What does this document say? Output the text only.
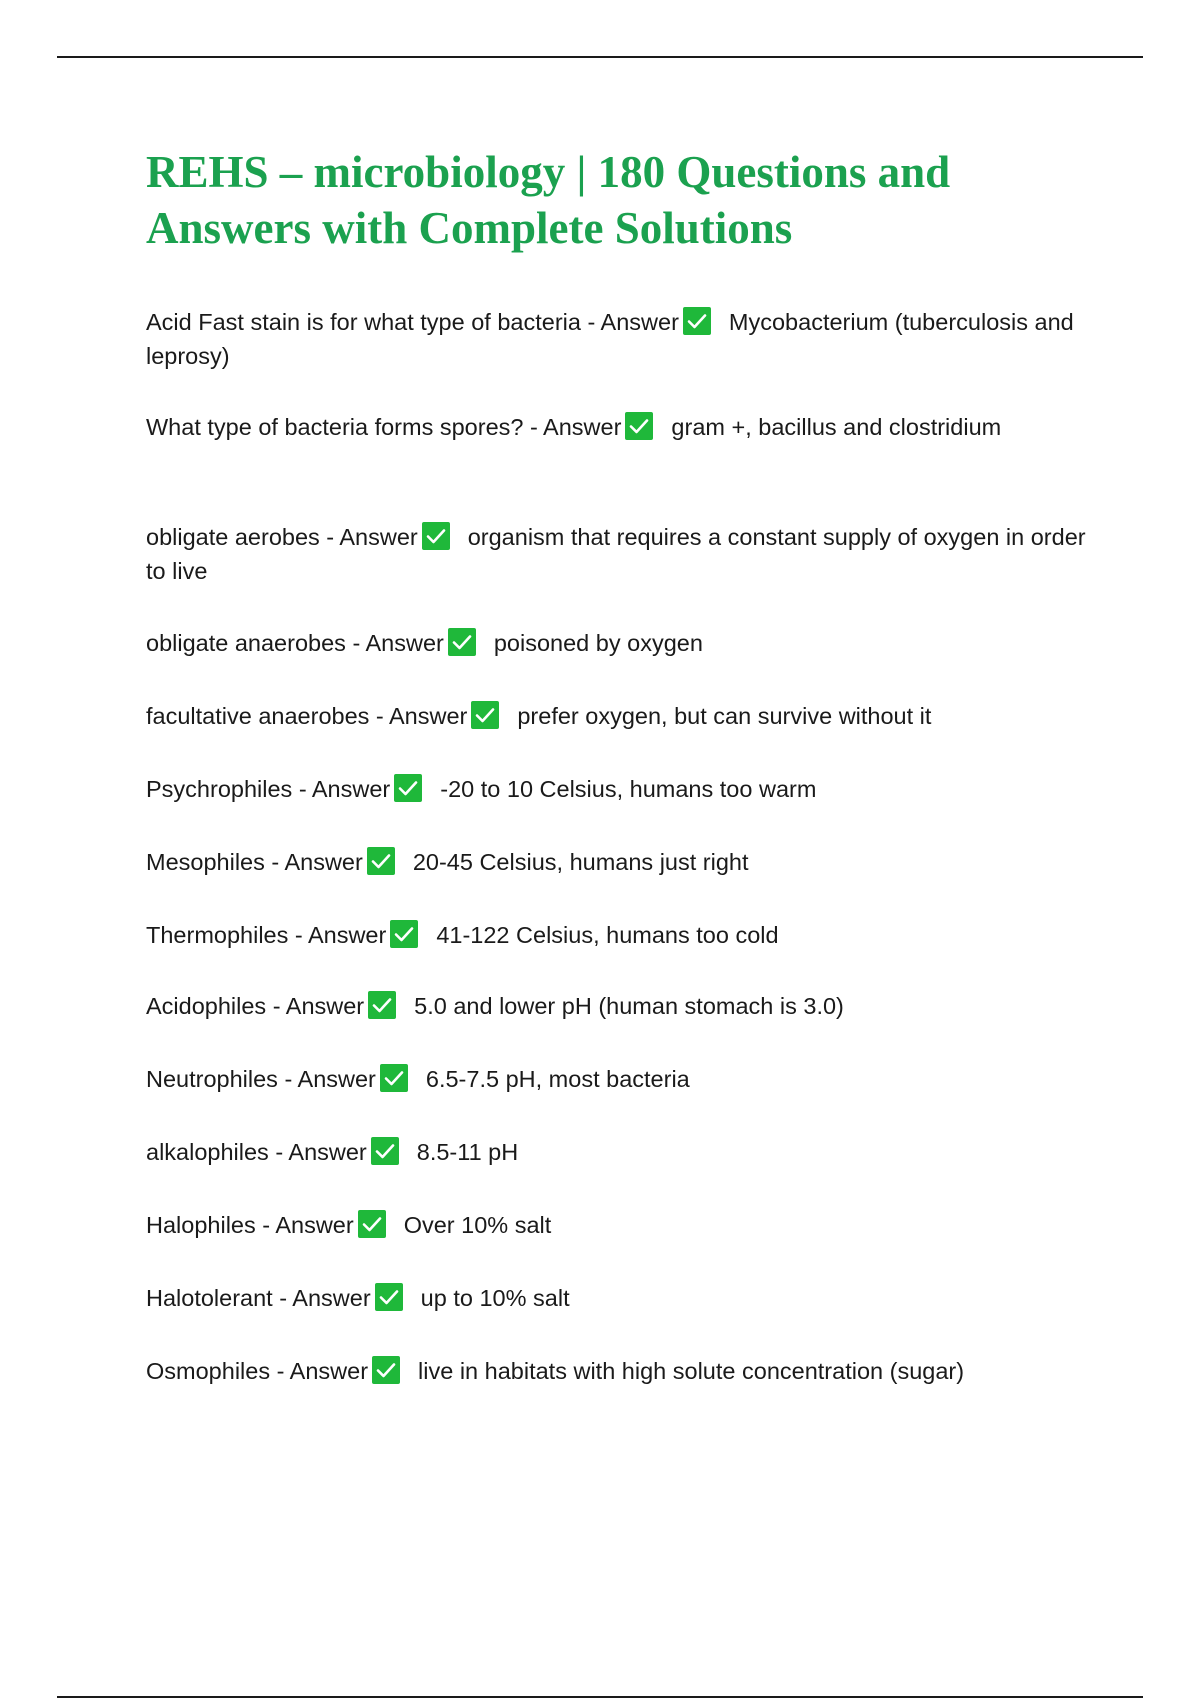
REHS – microbiology | 180 Questions and Answers with Complete Solutions
Acid Fast stain is for what type of bacteria - Answer Mycobacterium (tuberculosis and leprosy)
What type of bacteria forms spores? - Answer gram +, bacillus and clostridium
obligate aerobes - Answer organism that requires a constant supply of oxygen in order to live
obligate anaerobes - Answer poisoned by oxygen
facultative anaerobes - Answer prefer oxygen, but can survive without it
Psychrophiles - Answer -20 to 10 Celsius, humans too warm
Mesophiles - Answer 20-45 Celsius, humans just right
Thermophiles - Answer 41-122 Celsius, humans too cold
Acidophiles - Answer 5.0 and lower pH (human stomach is 3.0)
Neutrophiles - Answer 6.5-7.5 pH, most bacteria
alkalophiles - Answer 8.5-11 pH
Halophiles - Answer Over 10% salt
Halotolerant - Answer up to 10% salt
Osmophiles - Answer live in habitats with high solute concentration (sugar)
